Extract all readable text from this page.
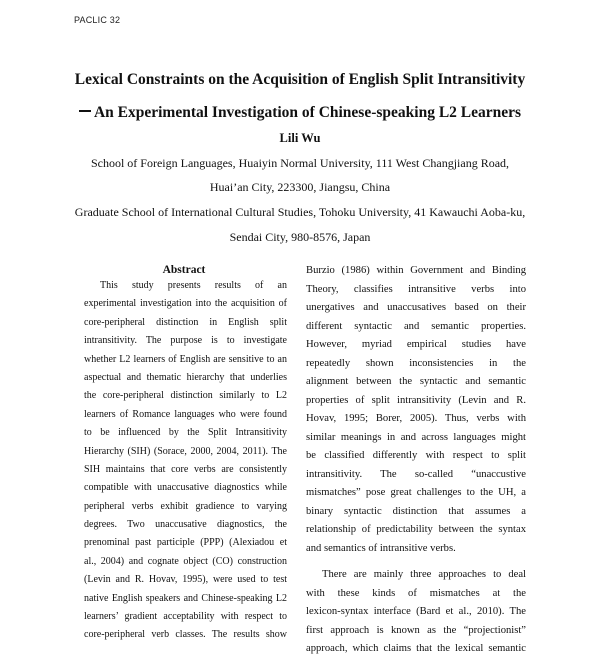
PACLIC 32
Lexical Constraints on the Acquisition of English Split Intransitivity
An Experimental Investigation of Chinese-speaking L2 Learners
Lili Wu
School of Foreign Languages, Huaiyin Normal University, 111 West Changjiang Road,
Huai’an City, 223300, Jiangsu, China
Graduate School of International Cultural Studies, Tohoku University, 41 Kawauchi Aoba-ku,
Sendai City, 980-8576, Japan
Abstract
This study presents results of an
experimental investigation into the acquisition of
core-peripheral distinction in English split
intransitivity. The purpose is to investigate
whether L2 learners of English are sensitive to an
aspectual and thematic hierarchy that underlies
the core-peripheral distinction similarly to L2
learners of Romance languages who were found
to be influenced by the Split Intransitivity
Hierarchy (SIH) (Sorace, 2000, 2004, 2011). The
SIH maintains that core verbs are consistently
compatible with unaccusative diagnostics while
peripheral verbs exhibit gradience to varying
degrees. Two unaccusative diagnostics, the
prenominal past participle (PPP) (Alexiadou et
al., 2004) and cognate object (CO) construction
(Levin and R. Hovav, 1995), were used to test
native English speakers and Chinese-speaking L2
learners’ gradient acceptability with respect to
core-peripheral verb classes. The results show
Burzio (1986) within Government and Binding
Theory, classifies intransitive verbs into
unergatives and unaccusatives based on their
different syntactic and semantic properties.
However, myriad empirical studies have
repeatedly shown inconsistencies in the
alignment between the syntactic and semantic
properties of split intransitivity (Levin and R.
Hovav, 1995; Borer, 2005). Thus, verbs with
similar meanings in and across languages might
be classified differently with respect to split
intransitivity. The so-called “unaccustive
mismatches” pose great challenges to the UH, a
binary syntactic distinction that assumes a
relationship of predictability between the syntax
and semantics of intransitive verbs.
There are mainly three approaches to deal
with these kinds of mismatches at the
lexicon-syntax interface (Bard et al., 2010). The
first approach is known as the “projectionist”
approach, which claims that the lexical semantic
